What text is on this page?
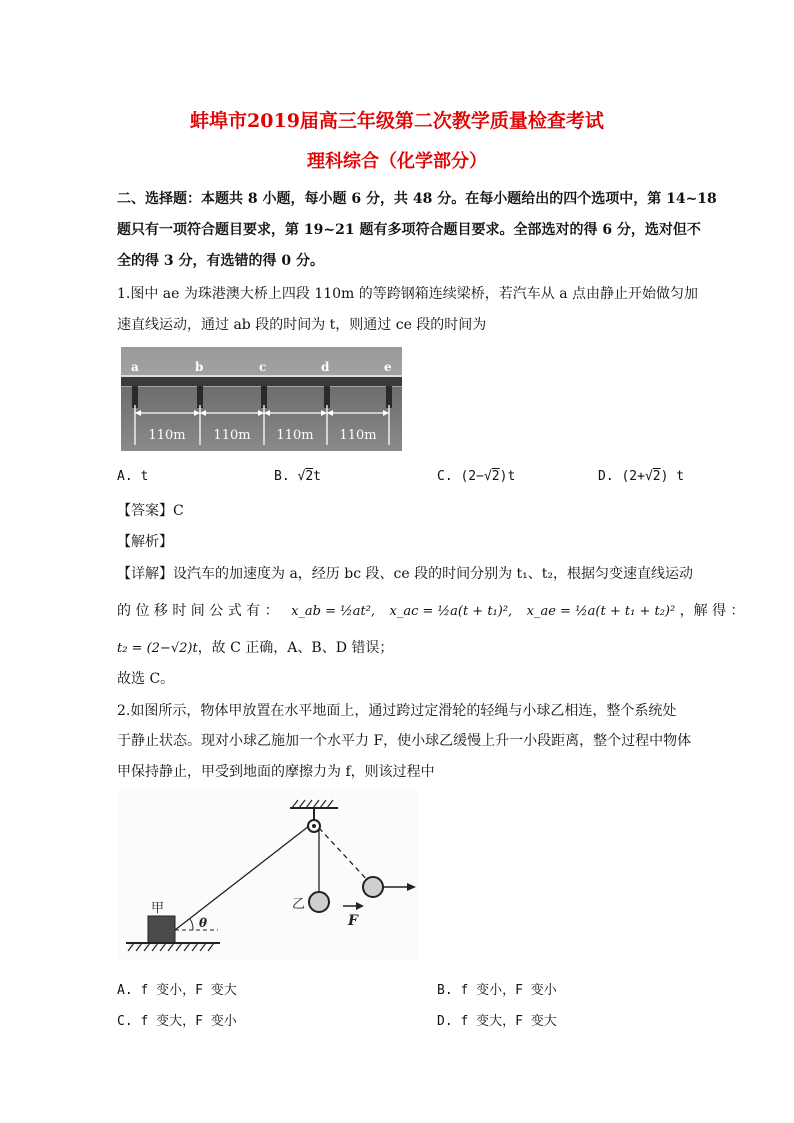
蚌埠市2019届高三年级第二次教学质量检查考试
理科综合（化学部分）
二、选择题：本题共 8 小题，每小题 6 分，共 48 分。在每小题给出的四个选项中，第 14~18
题只有一项符合题目要求，第 19~21 题有多项符合题目要求。全部选对的得 6 分，选对但不
全的得 3 分，有选错的得 0 分。
1.图中 ae 为珠港澳大桥上四段 110m 的等跨钢箱连续梁桥，若汽车从 a 点由静止开始做匀加
速直线运动，通过 ab 段的时间为 t，则通过 ce 段的时间为
a	b	c	d	e
110m 110m 110m 110m
A. t	B. √2t	C. (2−√2)t	D. (2+√2) t
【答案】C
【解析】
【详解】设汽车的加速度为 a，经历 bc 段、ce 段的时间分别为 t₁、t₂，根据匀变速直线运动
的 位 移 时 间 公 式 有 ： x_ab = ½at², x_ac = ½a(t + t₁)², x_ae = ½a(t + t₁ + t₂)² ，解 得 ：
t₂ = (2−√2)t，故 C 正确，A、B、D 错误；
故选 C。
2.如图所示，物体甲放置在水平地面上，通过跨过定滑轮的轻绳与小球乙相连，整个系统处
于静止状态。现对小球乙施加一个水平力 F，使小球乙缓慢上升一小段距离，整个过程中物体
甲保持静止，甲受到地面的摩擦力为 f，则该过程中
F
乙
甲
θ
A. f 变小，F 变大	B. f 变小，F 变小
C. f 变大，F 变小	D. f 变大，F 变大
